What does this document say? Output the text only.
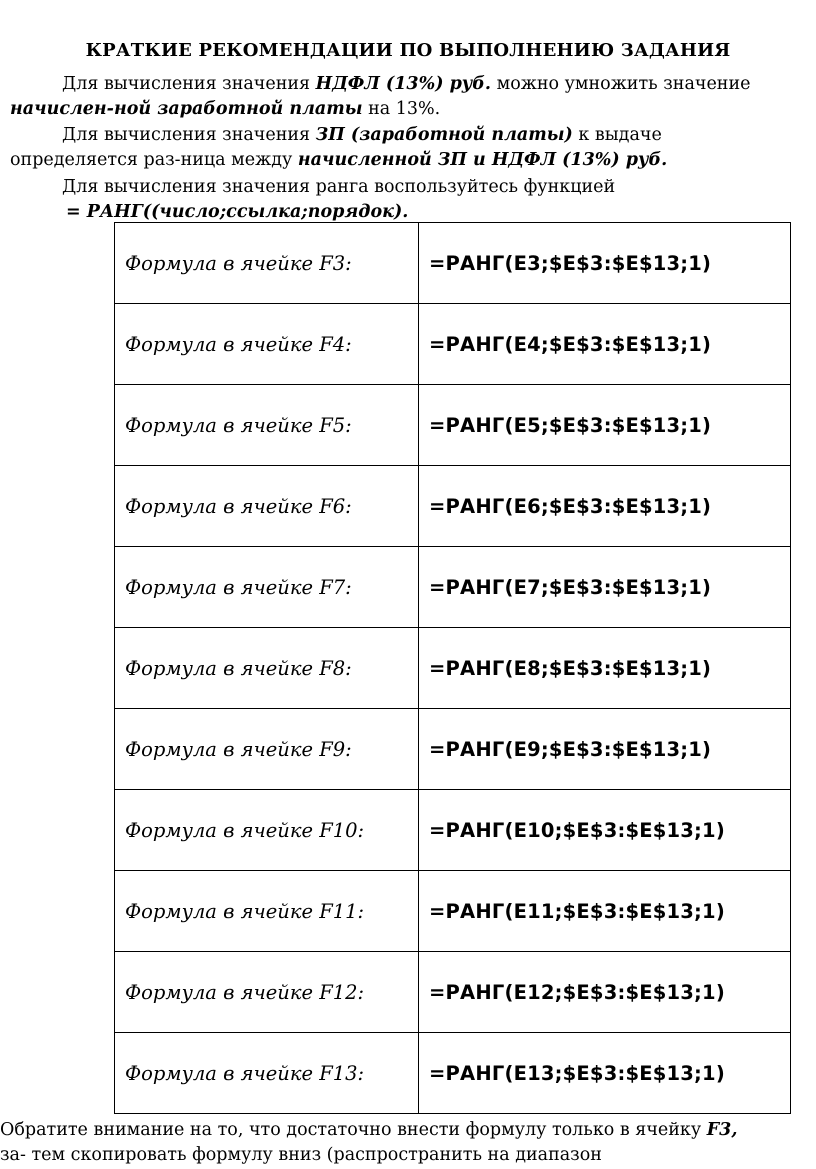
КРАТКИЕ РЕКОМЕНДАЦИИ ПО ВЫПОЛНЕНИЮ ЗАДАНИЯ
Для вычисления значения НДФЛ (13%) руб. можно умножить значение
начислен-ной заработной платы на 13%.
Для вычисления значения ЗП (заработной платы) к выдаче
определяется раз-ница между начисленной ЗП и НДФЛ (13%) руб.
Для вычисления значения ранга воспользуйтесь функцией
= РАНГ((число;ссылка;порядок).
Формула в ячейке F3:	=РАНГ(E3;$E$3:$E$13;1)
Формула в ячейке F4:	=РАНГ(E4;$E$3:$E$13;1)
Формула в ячейке F5:	=РАНГ(E5;$E$3:$E$13;1)
Формула в ячейке F6:	=РАНГ(E6;$E$3:$E$13;1)
Формула в ячейке F7:	=РАНГ(E7;$E$3:$E$13;1)
Формула в ячейке F8:	=РАНГ(E8;$E$3:$E$13;1)
Формула в ячейке F9:	=РАНГ(E9;$E$3:$E$13;1)
Формула в ячейке F10:	=РАНГ(E10;$E$3:$E$13;1)
Формула в ячейке F11:	=РАНГ(E11;$E$3:$E$13;1)
Формула в ячейке F12:	=РАНГ(E12;$E$3:$E$13;1)
Формула в ячейке F13:	=РАНГ(E13;$E$3:$E$13;1)
Обратите внимание на то, что достаточно внести формулу только в ячейку F3,
за- тем скопировать формулу вниз (распространить на диапазон
